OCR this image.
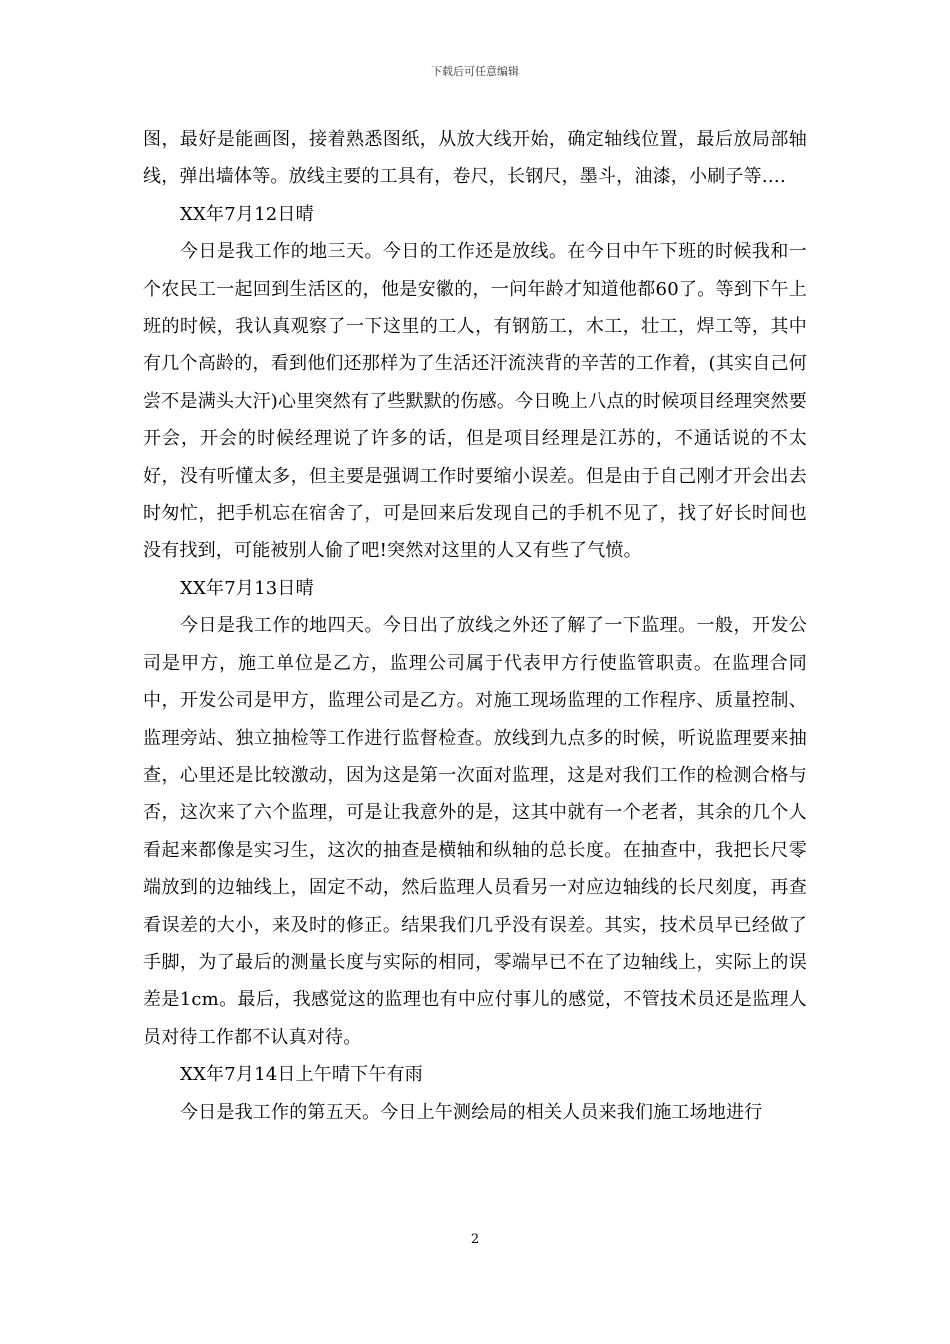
下载后可任意编辑

图，最好是能画图，接着熟悉图纸，从放大线开始，确定轴线位置，最后放局部轴线，弹出墙体等。放线主要的工具有，卷尺，长钢尺，墨斗，油漆，小刷子等….

XX年7月12日晴

今日是我工作的地三天。今日的工作还是放线。在今日中午下班的时候我和一个农民工一起回到生活区的，他是安徽的，一问年龄才知道他都60了。等到下午上班的时候，我认真观察了一下这里的工人，有钢筋工，木工，壮工，焊工等，其中有几个高龄的，看到他们还那样为了生活还汗流浃背的辛苦的工作着，(其实自己何尝不是满头大汗)心里突然有了些默默的伤感。今日晚上八点的时候项目经理突然要开会，开会的时候经理说了许多的话，但是项目经理是江苏的，不通话说的不太好，没有听懂太多，但主要是强调工作时要缩小误差。但是由于自己刚才开会出去时匆忙，把手机忘在宿舍了，可是回来后发现自己的手机不见了，找了好长时间也没有找到，可能被别人偷了吧!突然对这里的人又有些了气愤。

XX年7月13日晴

今日是我工作的地四天。今日出了放线之外还了解了一下监理。一般，开发公司是甲方，施工单位是乙方，监理公司属于代表甲方行使监管职责。在监理合同中，开发公司是甲方，监理公司是乙方。对施工现场监理的工作程序、质量控制、监理旁站、独立抽检等工作进行监督检查。放线到九点多的时候，听说监理要来抽查，心里还是比较激动，因为这是第一次面对监理，这是对我们工作的检测合格与否，这次来了六个监理，可是让我意外的是，这其中就有一个老者，其余的几个人看起来都像是实习生，这次的抽查是横轴和纵轴的总长度。在抽查中，我把长尺零端放到的边轴线上，固定不动，然后监理人员看另一对应边轴线的长尺刻度，再查看误差的大小，来及时的修正。结果我们几乎没有误差。其实，技术员早已经做了手脚，为了最后的测量长度与实际的相同，零端早已不在了边轴线上，实际上的误差是1cm。最后，我感觉这的监理也有中应付事儿的感觉，不管技术员还是监理人员对待工作都不认真对待。

XX年7月14日上午晴下午有雨

今日是我工作的第五天。今日上午测绘局的相关人员来我们施工场地进行

2
